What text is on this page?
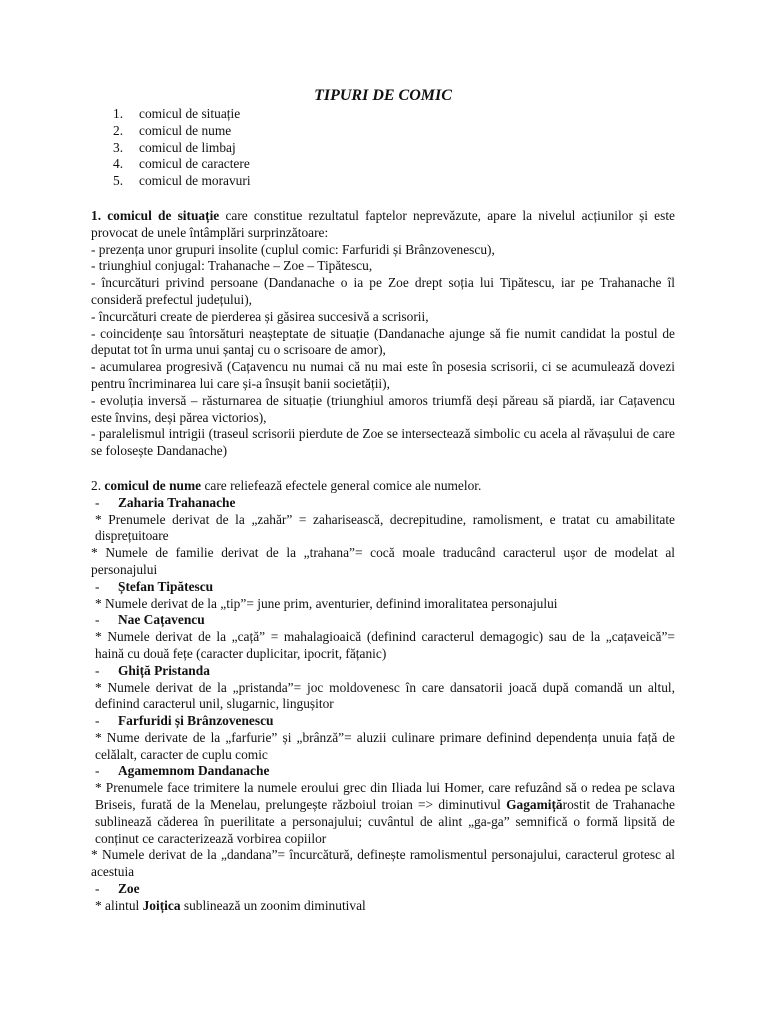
TIPURI DE COMIC
1.	comicul de situație
2.	comicul de nume
3.	comicul de limbaj
4.	comicul de caractere
5.	comicul de moravuri

1. comicul de situație care constitue rezultatul faptelor neprevăzute, apare la nivelul acțiunilor și este provocat de unele întâmplări surprinzătoare:

- prezența unor grupuri insolite (cuplul comic: Farfuridi și Brânzovenescu),

- triunghiul conjugal: Trahanache – Zoe – Tipătescu,

- încurcături privind persoane (Dandanache o ia pe Zoe drept soția lui Tipătescu, iar pe Trahanache îl consideră prefectul județului),

- încurcături create de pierderea și găsirea succesivă a scrisorii,

- coincidențe sau întorsături neașteptate de situație (Dandanache ajunge să fie numit candidat la postul de deputat tot în urma unui șantaj cu o scrisoare de amor),

- acumularea progresivă (Cațavencu nu numai că nu mai este în posesia scrisorii, ci se acumulează dovezi pentru încriminarea lui care și-a însușit banii societății),

- evoluția inversă – răsturnarea de situație (triunghiul amoros triumfă deși păreau să piardă, iar Cațavencu este învins, deși părea victorios),

- paralelismul intrigii (traseul scrisorii pierdute de Zoe se intersectează simbolic cu acela al răvașului de care se folosește Dandanache)

2. comicul de nume care reliefează efectele general comice ale numelor.

-	Zaharia Trahanache

* Prenumele derivat de la „zahăr” = zaharisească, decrepitudine, ramolisment, e tratat cu amabilitate disprețuitoare

* Numele de familie derivat de la „trahana”= cocă moale traducând caracterul ușor de modelat al personajului

-	Ștefan Tipătescu

* Numele derivat de la „tip”= june prim, aventurier, definind imoralitatea personajului

-	Nae Cațavencu

* Numele derivat de la „cață” = mahalagioaică (definind caracterul demagogic) sau de la „cațaveică”= haină cu două fețe (caracter duplicitar, ipocrit, fățanic)

-	Ghiță Pristanda

* Numele derivat de la „pristanda”= joc moldovenesc în care dansatorii joacă după comandă un altul, definind caracterul unil, slugarnic, lingușitor

-	Farfuridi și Brânzovenescu

* Nume derivate de la „farfurie” și „brânză”= aluzii culinare primare definind dependența unuia față de celălalt, caracter de cuplu comic

-	Agamemnom Dandanache

* Prenumele face trimitere la numele eroului grec din Iliada lui Homer, care refuzând să o redea pe sclava Briseis, furată de la Menelau, prelungește războiul troian => diminutivul Gagamițărostit de Trahanache sublinează căderea în puerilitate a personajului; cuvântul de alint „ga-ga” semnifică o formă lipsită de conținut ce caracterizează vorbirea copiilor

* Numele derivat de la „dandana”= încurcătură, definește ramolismentul personajului, caracterul grotesc al acestuia

-	Zoe

* alintul Joițica sublinează un zoonim diminutival
